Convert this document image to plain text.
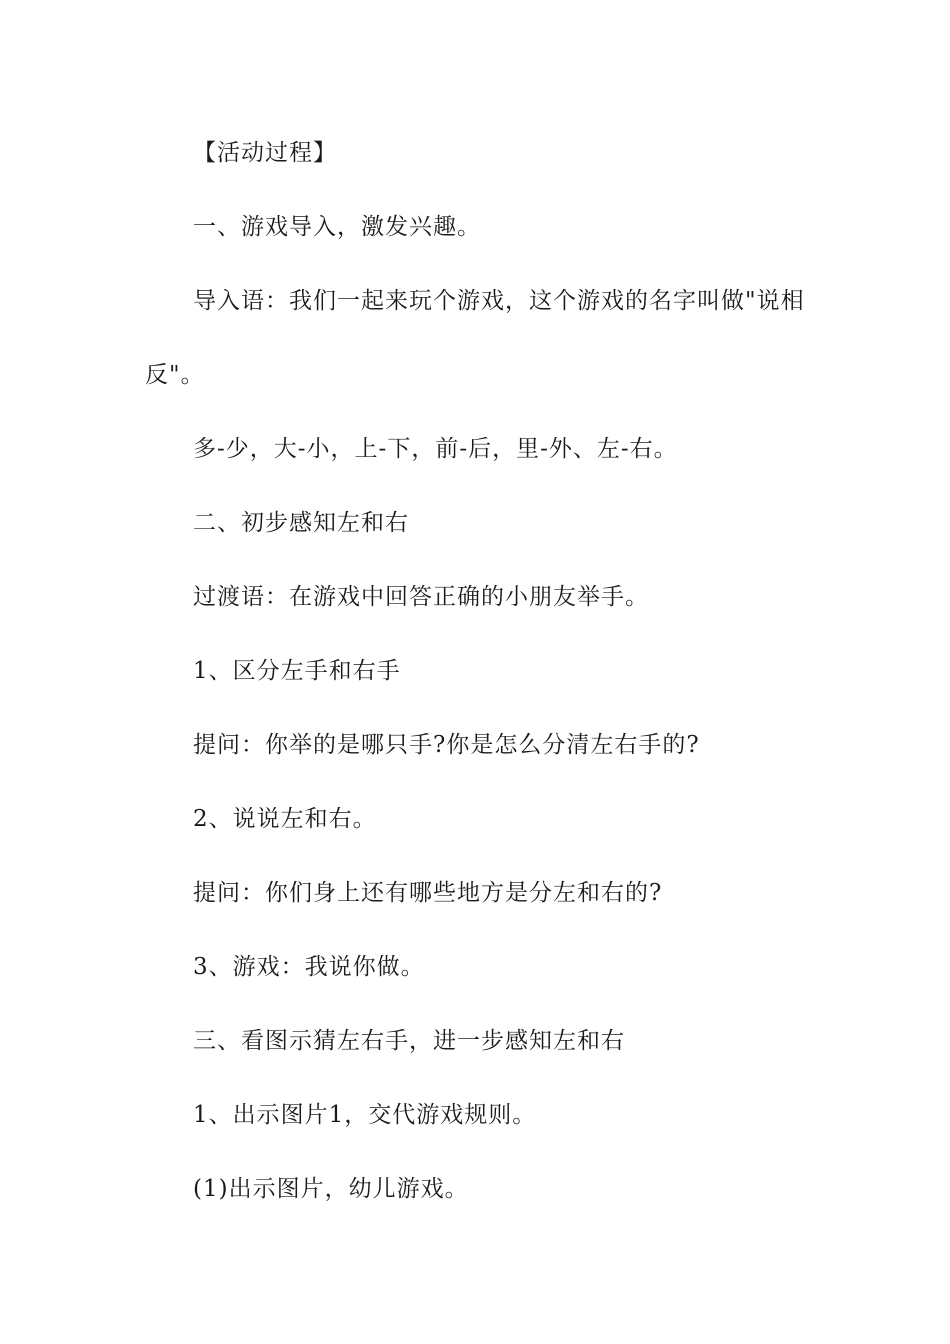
【活动过程】

一、游戏导入，激发兴趣。

导入语：我们一起来玩个游戏，这个游戏的名字叫做"说相反"。

多-少，大-小，上-下，前-后，里-外、左-右。

二、初步感知左和右

过渡语：在游戏中回答正确的小朋友举手。

1、区分左手和右手

提问：你举的是哪只手?你是怎么分清左右手的?

2、说说左和右。

提问：你们身上还有哪些地方是分左和右的?

3、游戏：我说你做。

三、看图示猜左右手，进一步感知左和右

1、出示图片1，交代游戏规则。

(1)出示图片，幼儿游戏。
